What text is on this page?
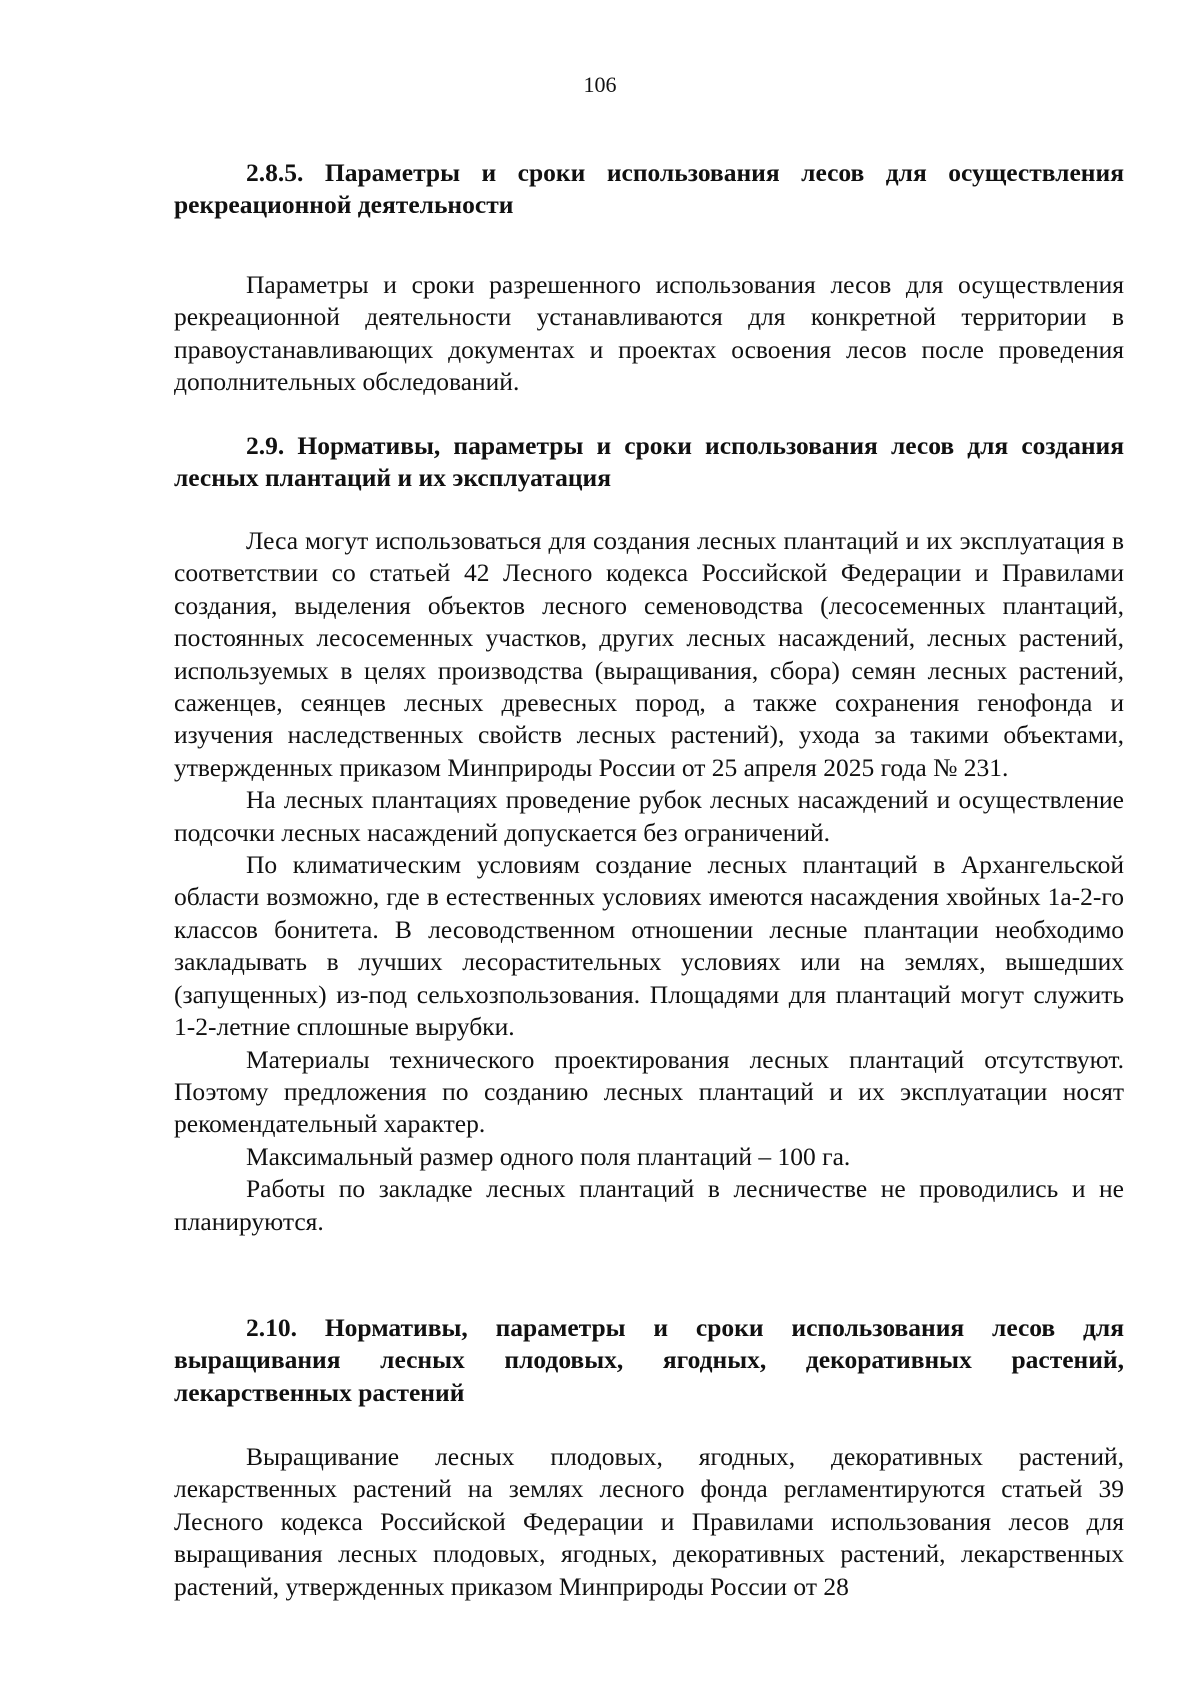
106

2.8.5. Параметры и сроки использования лесов для осуществления рекреационной деятельности

Параметры и сроки разрешенного использования лесов для осуществления рекреационной деятельности устанавливаются для конкретной территории в правоустанавливающих документах и проектах освоения лесов после проведения дополнительных обследований.

2.9. Нормативы, параметры и сроки использования лесов для создания лесных плантаций и их эксплуатация

Леса могут использоваться для создания лесных плантаций и их эксплуатация в соответствии со статьей 42 Лесного кодекса Российской Федерации и Правилами создания, выделения объектов лесного семеноводства (лесосеменных плантаций, постоянных лесосеменных участков, других лесных насаждений, лесных растений, используемых в целях производства (выращивания, сбора) семян лесных растений, саженцев, сеянцев лесных древесных пород, а также сохранения генофонда и изучения наследственных свойств лесных растений), ухода за такими объектами, утвержденных приказом Минприроды России от 25 апреля 2025 года № 231.

На лесных плантациях проведение рубок лесных насаждений и осуществление подсочки лесных насаждений допускается без ограничений.

По климатическим условиям создание лесных плантаций в Архангельской области возможно, где в естественных условиях имеются насаждения хвойных 1а-2-го классов бонитета. В лесоводственном отношении лесные плантации необходимо закладывать в лучших лесорастительных условиях или на землях, вышедших (запущенных) из-под сельхозпользования. Площадями для плантаций могут служить 1-2-летние сплошные вырубки.

Материалы технического проектирования лесных плантаций отсутствуют. Поэтому предложения по созданию лесных плантаций и их эксплуатации носят рекомендательный характер.

Максимальный размер одного поля плантаций – 100 га.

Работы по закладке лесных плантаций в лесничестве не проводились и не планируются.

2.10. Нормативы, параметры и сроки использования лесов для выращивания лесных плодовых, ягодных, декоративных растений, лекарственных растений

Выращивание лесных плодовых, ягодных, декоративных растений, лекарственных растений на землях лесного фонда регламентируются статьей 39 Лесного кодекса Российской Федерации и Правилами использования лесов для выращивания лесных плодовых, ягодных, декоративных растений, лекарственных растений, утвержденных приказом Минприроды России от 28
